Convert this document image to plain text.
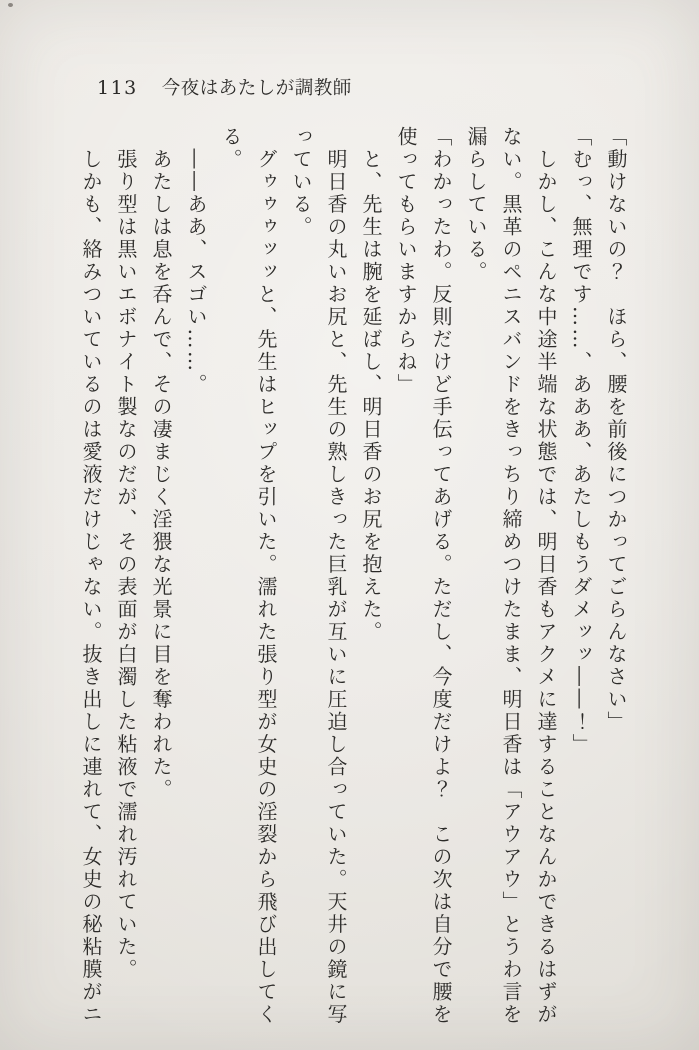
113 今夜はあたしが調教師
「動けないの？　ほら、腰を前後につかってごらんなさい」
「むっ、無理です……、あああ、あたしもうダメッッ――！」
　しかし、こんな中途半端な状態では、明日香もアクメに達することなんかできるはずが
ない。黒革のペニスバンドをきっちり締めつけたまま、明日香は「アウアウ」とうわ言を
漏らしている。
「わかったわ。反則だけど手伝ってあげる。ただし、今度だけよ？　この次は自分で腰を
使ってもらいますからね」
　と、先生は腕を延ばし、明日香のお尻を抱えた。
　明日香の丸いお尻と、先生の熟しきった巨乳が互いに圧迫し合っていた。天井の鏡に写
っている。
　グゥゥゥッッと、先生はヒップを引いた。濡れた張り型が女史の淫裂から飛び出してく
る。
　――ああ、スゴい……。
　あたしは息を呑んで、その凄まじく淫猥な光景に目を奪われた。
　張り型は黒いエボナイト製なのだが、その表面が白濁した粘液で濡れ汚れていた。
　しかも、絡みついているのは愛液だけじゃない。抜き出しに連れて、女史の秘粘膜がニ
